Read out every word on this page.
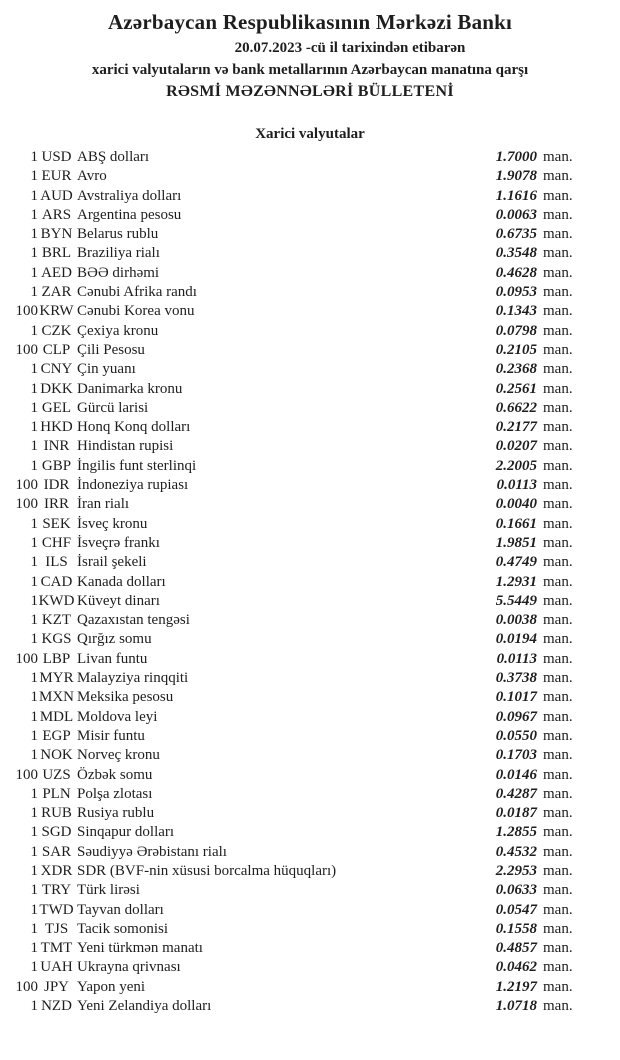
Azərbaycan Respublikasının Mərkəzi Bankı
20.07.2023 -cü il tarixindən etibarən
xarici valyutaların və bank metallarının Azərbaycan manatına qarşı
RƏSMİ MƏZƏNNƏLƏRİ BÜLLETENİ
Xarici valyutalar
1 USD ABŞ dolları	1.7000 man.
1 EUR Avro	1.9078 man.
1 AUD Avstraliya dolları	1.1616 man.
1 ARS Argentina pesosu	0.0063 man.
1 BYN Belarus rublu	0.6735 man.
1 BRL Braziliya rialı	0.3548 man.
1 AED BƏƏ dirhəmi	0.4628 man.
1 ZAR Cənubi Afrika randı	0.0953 man.
100 KRW Cənubi Korea vonu	0.1343 man.
1 CZK Çexiya kronu	0.0798 man.
100 CLP Çili Pesosu	0.2105 man.
1 CNY Çin yuanı	0.2368 man.
1 DKK Danimarka kronu	0.2561 man.
1 GEL Gürcü larisi	0.6622 man.
1 HKD Honq Konq dolları	0.2177 man.
1 INR Hindistan rupisi	0.0207 man.
1 GBP İngilis funt sterlinqi	2.2005 man.
100 IDR İndoneziya rupiası	0.0113 man.
100 IRR İran rialı	0.0040 man.
1 SEK İsveç kronu	0.1661 man.
1 CHF İsveçrə frankı	1.9851 man.
1 ILS İsrail şekeli	0.4749 man.
1 CAD Kanada dolları	1.2931 man.
1 KWD Küveyt dinarı	5.5449 man.
1 KZT Qazaxıstan tengəsi	0.0038 man.
1 KGS Qırğız somu	0.0194 man.
100 LBP Livan funtu	0.0113 man.
1 MYR Malayziya rinqqiti	0.3738 man.
1 MXN Meksika pesosu	0.1017 man.
1 MDL Moldova leyi	0.0967 man.
1 EGP Misir funtu	0.0550 man.
1 NOK Norveç kronu	0.1703 man.
100 UZS Özbək somu	0.0146 man.
1 PLN Polşa zlotası	0.4287 man.
1 RUB Rusiya rublu	0.0187 man.
1 SGD Sinqapur dolları	1.2855 man.
1 SAR Səudiyyə Ərəbistanı rialı	0.4532 man.
1 XDR SDR (BVF-nin xüsusi borcalma hüquqları)	2.2953 man.
1 TRY Türk lirəsi	0.0633 man.
1 TWD Tayvan dolları	0.0547 man.
1 TJS Tacik somonisi	0.1558 man.
1 TMT Yeni türkmən manatı	0.4857 man.
1 UAH Ukrayna qrivnası	0.0462 man.
100 JPY Yapon yeni	1.2197 man.
1 NZD Yeni Zelandiya dolları	1.0718 man.
